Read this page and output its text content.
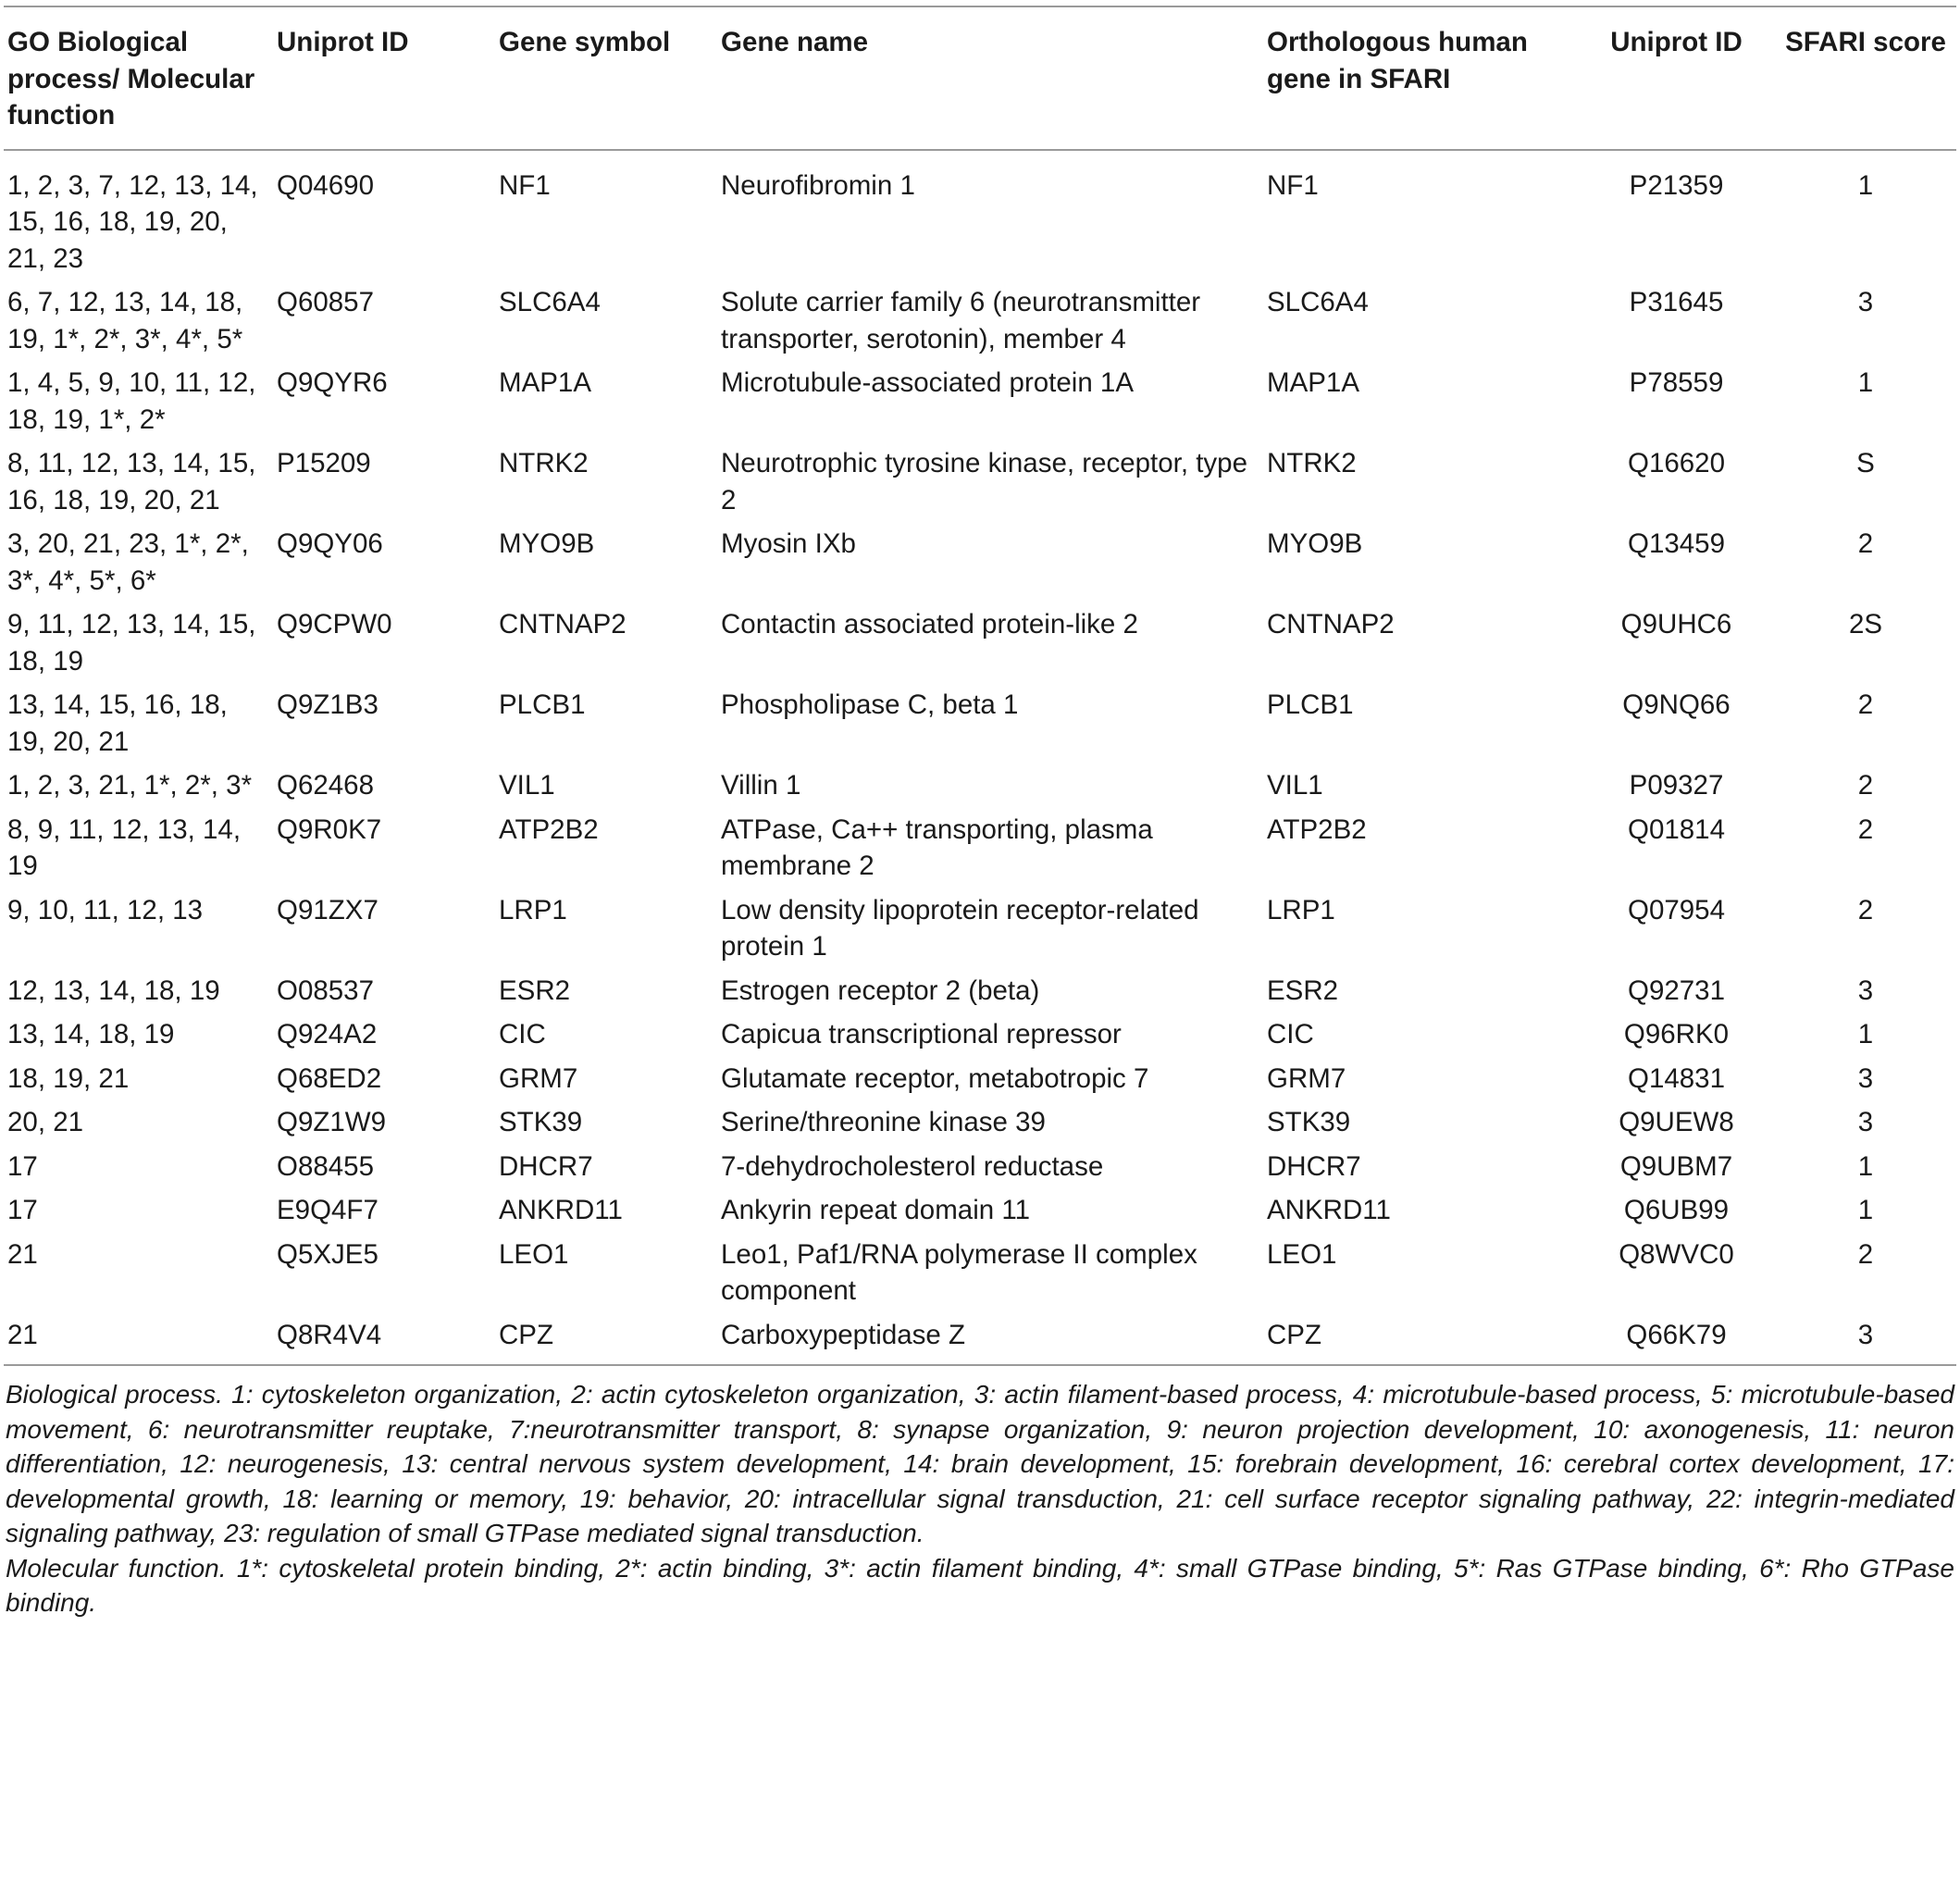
GO Biological process/ Molecular function	Uniprot ID	Gene symbol	Gene name	Orthologous human gene in SFARI	Uniprot ID	SFARI score
1, 2, 3, 7, 12, 13, 14, 15, 16, 18, 19, 20, 21, 23	Q04690	NF1	Neurofibromin 1	NF1	P21359	1
6, 7, 12, 13, 14, 18, 19, 1*, 2*, 3*, 4*, 5*	Q60857	SLC6A4	Solute carrier family 6 (neurotransmitter transporter, serotonin), member 4	SLC6A4	P31645	3
1, 4, 5, 9, 10, 11, 12, 18, 19, 1*, 2*	Q9QYR6	MAP1A	Microtubule-associated protein 1A	MAP1A	P78559	1
8, 11, 12, 13, 14, 15, 16, 18, 19, 20, 21	P15209	NTRK2	Neurotrophic tyrosine kinase, receptor, type 2	NTRK2	Q16620	S
3, 20, 21, 23, 1*, 2*, 3*, 4*, 5*, 6*	Q9QY06	MYO9B	Myosin IXb	MYO9B	Q13459	2
9, 11, 12, 13, 14, 15, 18, 19	Q9CPW0	CNTNAP2	Contactin associated protein-like 2	CNTNAP2	Q9UHC6	2S
13, 14, 15, 16, 18, 19, 20, 21	Q9Z1B3	PLCB1	Phospholipase C, beta 1	PLCB1	Q9NQ66	2
1, 2, 3, 21, 1*, 2*, 3*	Q62468	VIL1	Villin 1	VIL1	P09327	2
8, 9, 11, 12, 13, 14, 19	Q9R0K7	ATP2B2	ATPase, Ca++ transporting, plasma membrane 2	ATP2B2	Q01814	2
9, 10, 11, 12, 13	Q91ZX7	LRP1	Low density lipoprotein receptor-related protein 1	LRP1	Q07954	2
12, 13, 14, 18, 19	O08537	ESR2	Estrogen receptor 2 (beta)	ESR2	Q92731	3
13, 14, 18, 19	Q924A2	CIC	Capicua transcriptional repressor	CIC	Q96RK0	1
18, 19, 21	Q68ED2	GRM7	Glutamate receptor, metabotropic 7	GRM7	Q14831	3
20, 21	Q9Z1W9	STK39	Serine/threonine kinase 39	STK39	Q9UEW8	3
17	O88455	DHCR7	7-dehydrocholesterol reductase	DHCR7	Q9UBM7	1
17	E9Q4F7	ANKRD11	Ankyrin repeat domain 11	ANKRD11	Q6UB99	1
21	Q5XJE5	LEO1	Leo1, Paf1/RNA polymerase II complex component	LEO1	Q8WVC0	2
21	Q8R4V4	CPZ	Carboxypeptidase Z	CPZ	Q66K79	3

Biological process. 1: cytoskeleton organization, 2: actin cytoskeleton organization, 3: actin filament-based process, 4: microtubule-based process, 5: microtubule-based movement, 6: neurotransmitter reuptake, 7:neurotransmitter transport, 8: synapse organization, 9: neuron projection development, 10: axonogenesis, 11: neuron differentiation, 12: neurogenesis, 13: central nervous system development, 14: brain development, 15: forebrain development, 16: cerebral cortex development, 17: developmental growth, 18: learning or memory, 19: behavior, 20: intracellular signal transduction, 21: cell surface receptor signaling pathway, 22: integrin-mediated signaling pathway, 23: regulation of small GTPase mediated signal transduction.

Molecular function. 1*: cytoskeletal protein binding, 2*: actin binding, 3*: actin filament binding, 4*: small GTPase binding, 5*: Ras GTPase binding, 6*: Rho GTPase binding.
